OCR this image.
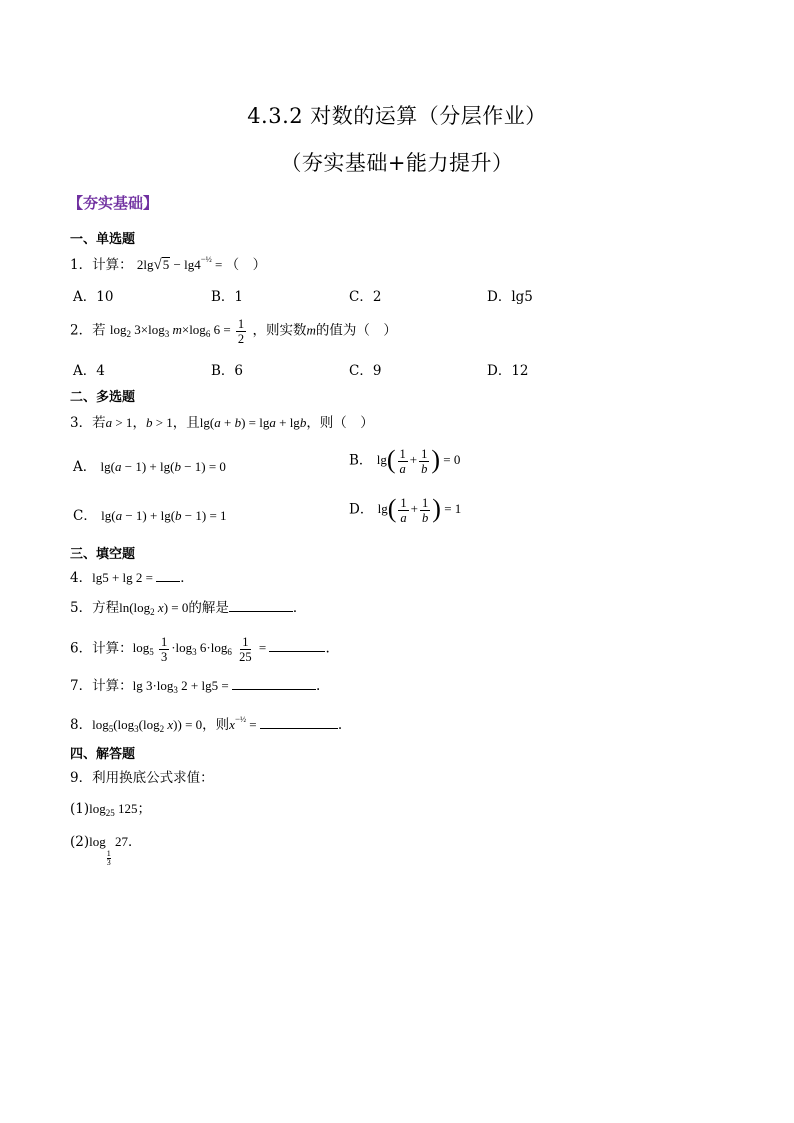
4.3.2 对数的运算（分层作业）
（夯实基础+能力提升）
【夯实基础】
一、单选题
1．计算： $2\lg√5 - \lg 4^{-\frac{1}{2}}$ = （　）
A．10	B．1	C．2	D．lg5
2．若 $\log_2 3\times\log_3$ $m\times\log_6$ $6 = \frac{1}{2}$ ，则实数m的值为（　）
A．4	B．6	C．9	D．12
二、多选题
3．若a > 1，b > 1，且lg(a + b) = lga + lgb，则（　）
A． lg(a − 1) + lg(b − 1) = 0	B． $\lg( \frac{1}{a} + \frac{1}{b}$ ) = 0
C． lg(a − 1) + lg(b − 1) = 1	D． $\lg( \frac{1}{a} + \frac{1}{b}$ ) = 1
三、填空题
4．lg5 + lg 2 = ．
5．方程$\ln(\log_2$ x) = 0的解是	．
6．计算：$\log_5 \frac{1}{3} \cdot\log_3$ $6\cdot\log_6 \frac{1}{25}$ =	.
7．计算：$\lg 3\cdot\log_3$ 2 + lg5 =	.
8．$\log_5(\log_3(\log_2$ x)) = 0，则$x^{-\frac{1}{2}}$ =	.
四、解答题
9．利用换底公式求值：
$(1)\log_{25}$ 125；
(2)log
$\frac{1}{3}$
27．
